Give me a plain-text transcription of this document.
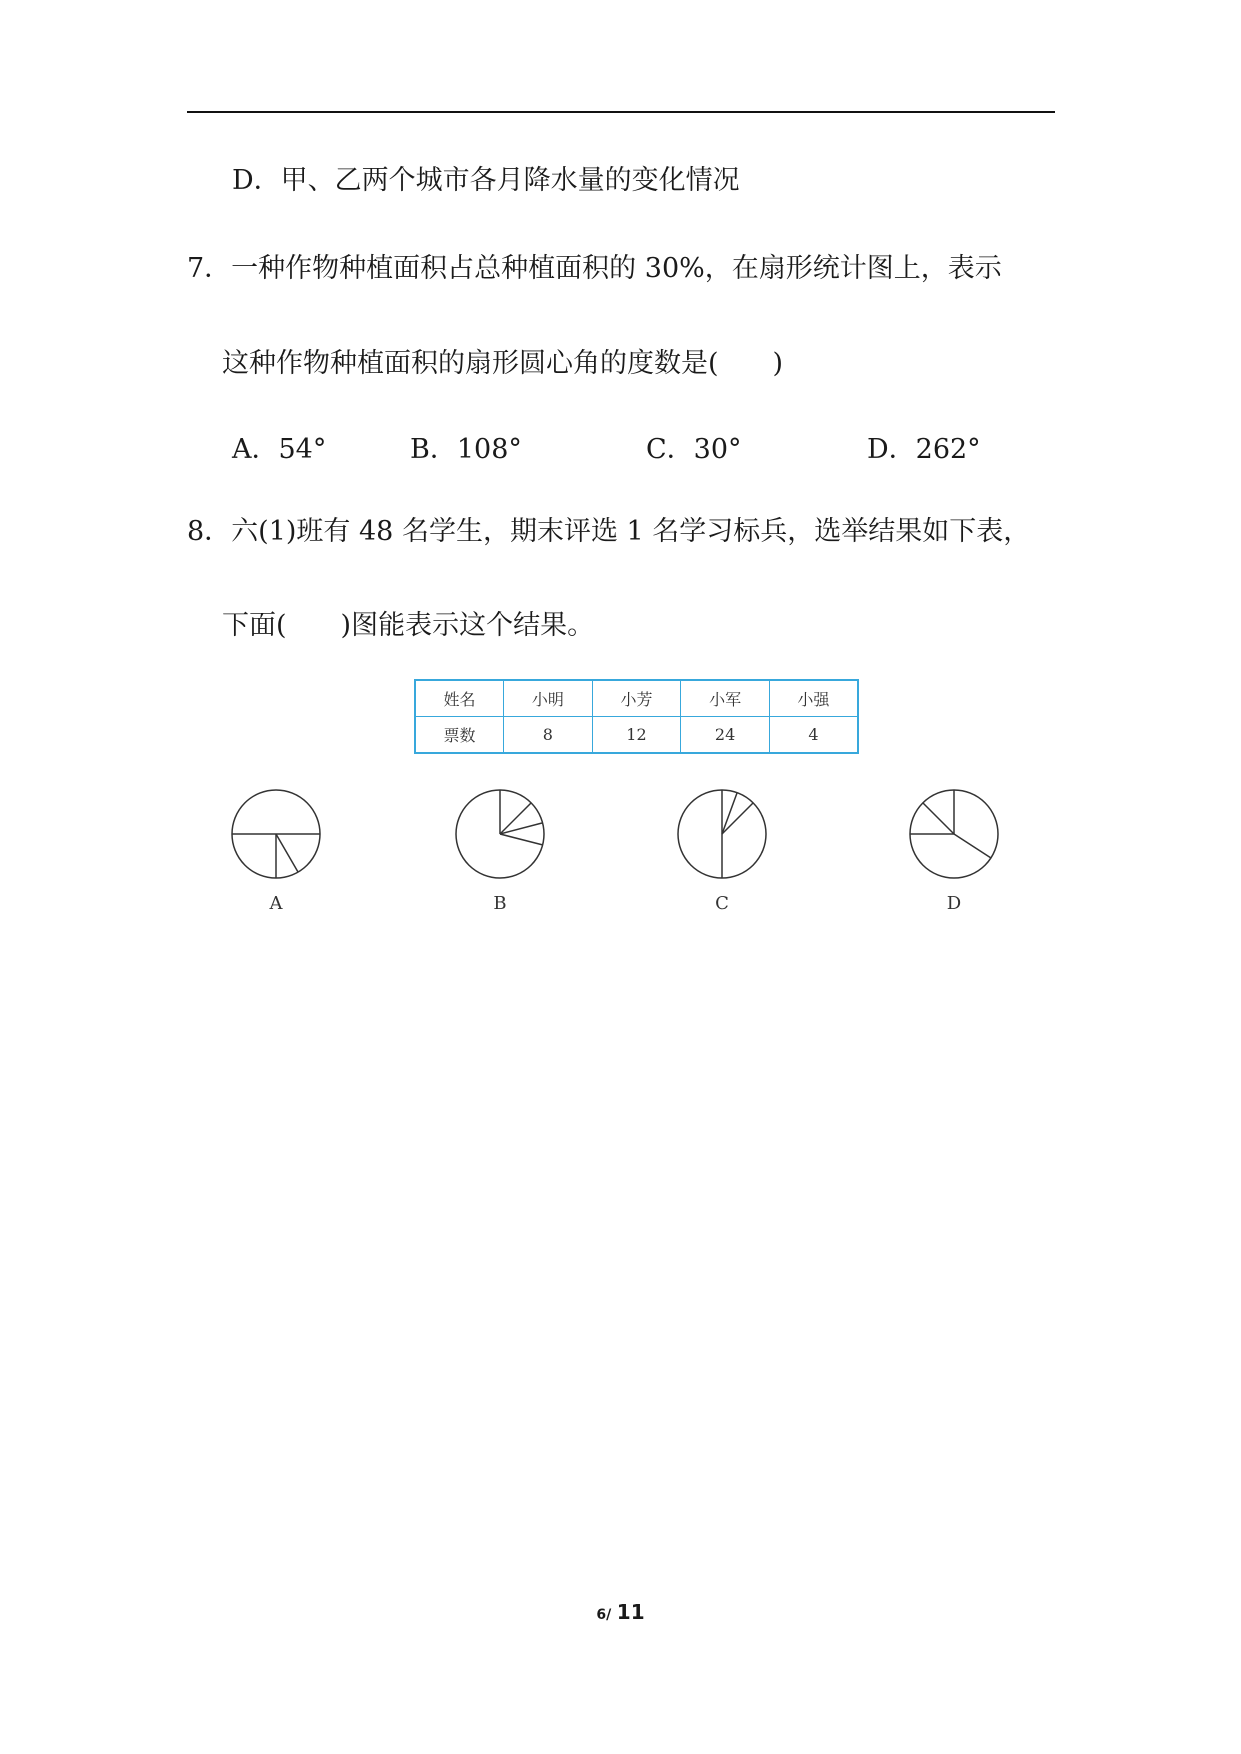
D．甲、乙两个城市各月降水量的变化情况
7．一种作物种植面积占总种植面积的 30%，在扇形统计图上，表示
这种作物种植面积的扇形圆心角的度数是(　　)
A．54°	B．108°	C．30°	D．262°
8．六(1)班有 48 名学生，期末评选 1 名学习标兵，选举结果如下表，
下面(　　)图能表示这个结果。
姓名	小明	小芳	小军	小强
票数	8	12	24	4
A	B	C	D
6/ 11
